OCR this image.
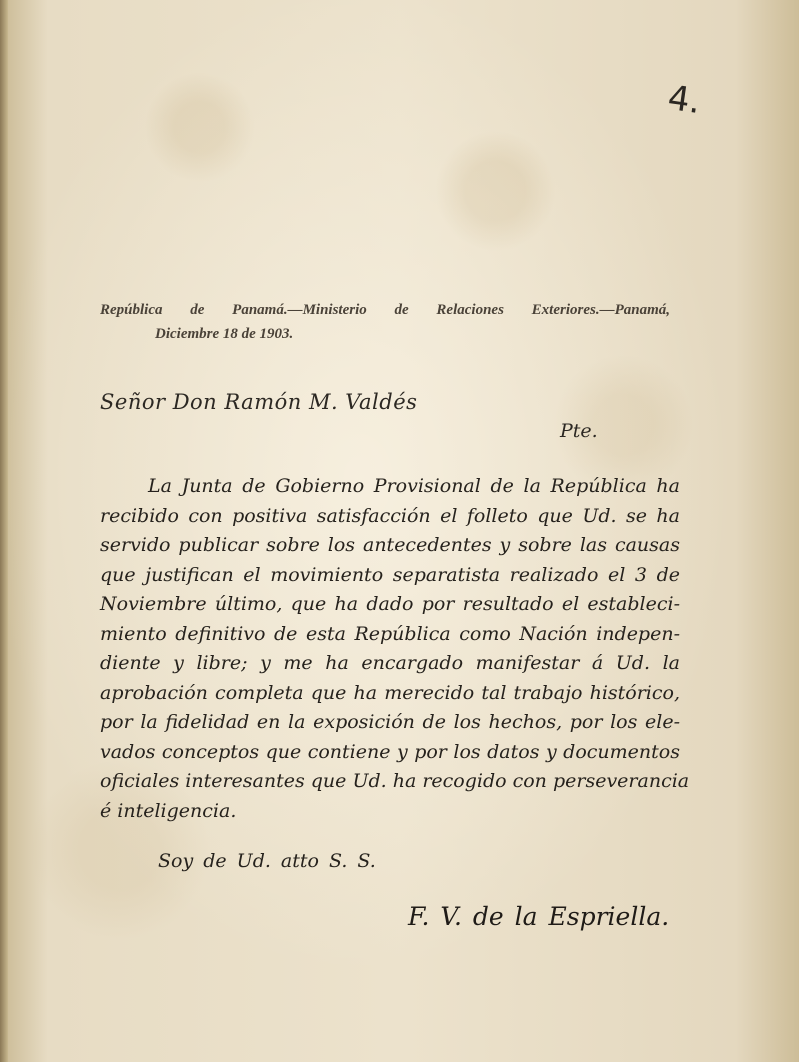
4.
República de Panamá.—Ministerio de Relaciones Exteriores.—Panamá,
Diciembre 18 de 1903.
Señor Don Ramón M. Valdés
Pte.
La Junta de Gobierno Provisional de la República ha
recibido con positiva satisfacción el folleto que Ud. se ha
servido publicar sobre los antecedentes y sobre las causas
que justifican el movimiento separatista realizado el 3 de
Noviembre último, que ha dado por resultado el estableci-
miento definitivo de esta República como Nación indepen-
diente y libre; y me ha encargado manifestar á Ud. la
aprobación completa que ha merecido tal trabajo histórico,
por la fidelidad en la exposición de los hechos, por los ele-
vados conceptos que contiene y por los datos y documentos
oficiales interesantes que Ud. ha recogido con perseverancia
é inteligencia.
Soy de Ud. atto S. S.
F. V. de la Espriella.
